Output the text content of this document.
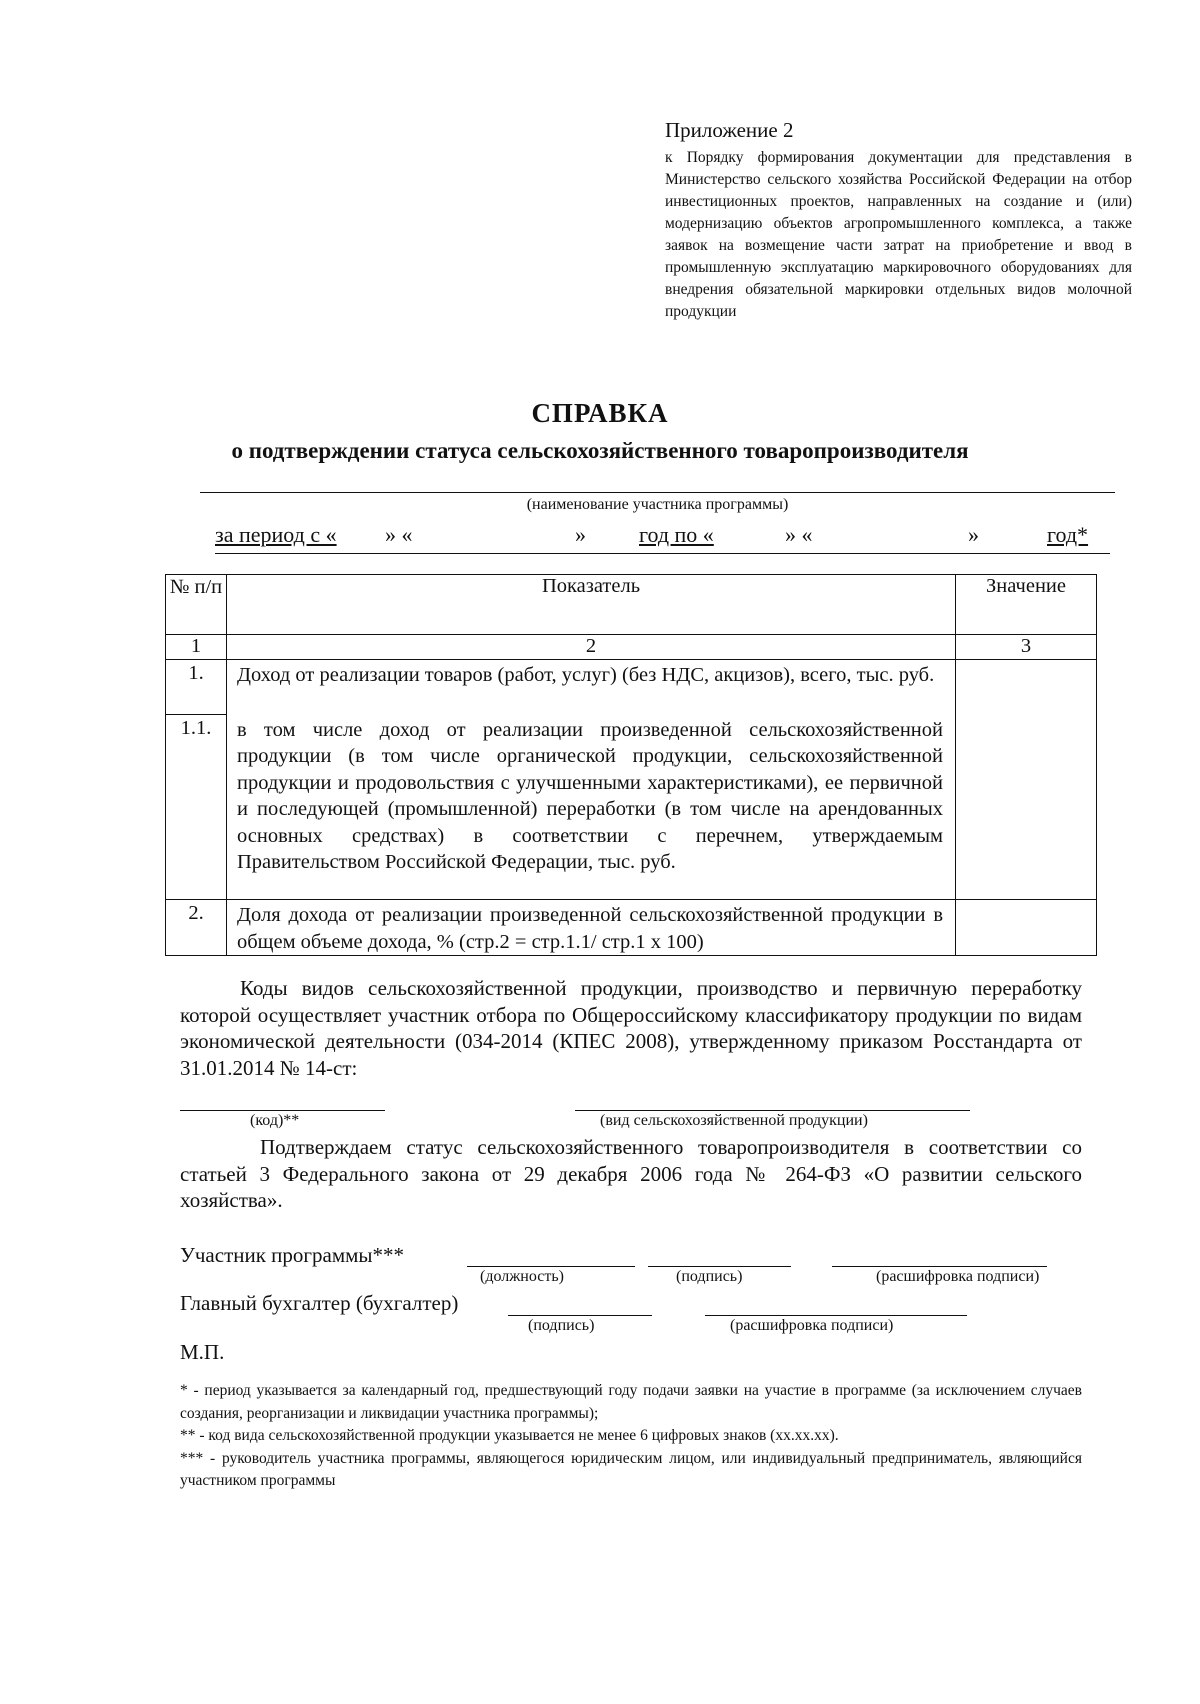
Приложение 2

к Порядку формирования документации для представления в Министерство сельского хозяйства Российской Федерации на отбор инвестиционных проектов, направленных на создание и (или) модернизацию объектов агропромышленного комплекса, а также заявок на возмещение части затрат на приобретение и ввод в промышленную эксплуатацию маркировочного оборудованиях для внедрения обязательной маркировки отдельных видов молочной продукции

СПРАВКА
о подтверждении статуса сельскохозяйственного товаропроизводителя
(наименование участника программы)
за период с « » «	» год по «	» «	»	год*
№ п/п	Показатель	Значение
1	2	3
1.	Доход от реализации товаров (работ, услуг) (без НДС, акцизов), всего, тыс. руб.	
1.1.	в том числе доход от реализации произведенной сельскохозяйственной продукции (в том числе органической продукции, сельскохозяйственной продукции и продовольствия с улучшенными характеристиками), ее первичной и последующей (промышленной) переработки (в том числе на арендованных основных средствах) в соответствии с перечнем, утверждаемым Правительством Российской Федерации, тыс. руб.	
2.	Доля дохода от реализации произведенной сельскохозяйственной продукции в общем объеме дохода, % (стр.2 = стр.1.1/ стр.1 x 100)	
Коды видов сельскохозяйственной продукции, производство и первичную переработку которой осуществляет участник отбора по Общероссийскому классификатору продукции по видам экономической деятельности (034-2014 (КПЕС 2008), утвержденному приказом Росстандарта от 31.01.2014 № 14-ст:
(код)**	(вид сельскохозяйственной продукции)
Подтверждаем статус сельскохозяйственного товаропроизводителя в соответствии со статьей 3 Федерального закона от 29 декабря 2006 года № 264-ФЗ «О развитии сельского хозяйства».
Участник программы***
(должность)	(подпись)	(расшифровка подписи)
Главный бухгалтер (бухгалтер)
(подпись)	(расшифровка подписи)
М.П.

* - период указывается за календарный год, предшествующий году подачи заявки на участие в программе (за исключением случаев создания, реорганизации и ликвидации участника программы);

** - код вида сельскохозяйственной продукции указывается не менее 6 цифровых знаков (хх.хх.хх).

*** - руководитель участника программы, являющегося юридическим лицом, или индивидуальный предприниматель, являющийся участником программы
